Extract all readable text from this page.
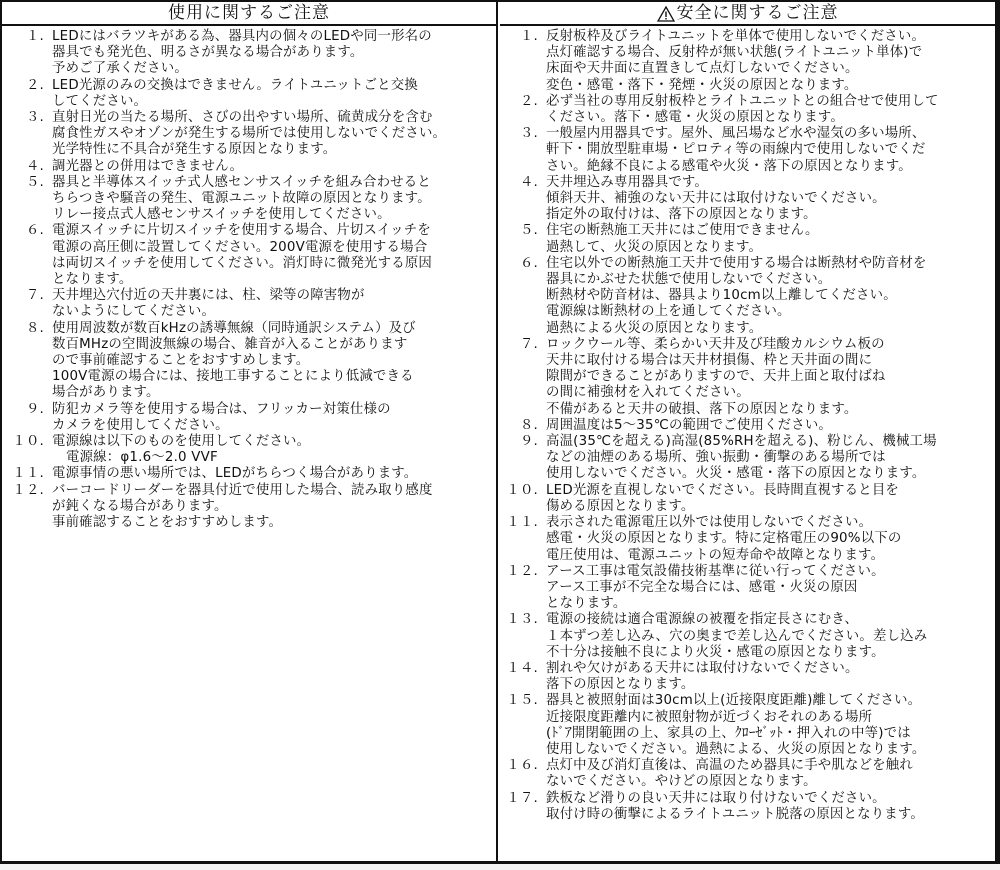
使用に関するご注意
１. LEDにはバラツキがある為、器具内の個々のLEDや同一形名の
器具でも発光色、明るさが異なる場合があります。
予めご了承ください。
２. LED光源のみの交換はできません。ライトユニットごと交換
してください。
３. 直射日光の当たる場所、さびの出やすい場所、硫黄成分を含む
腐食性ガスやオゾンが発生する場所では使用しないでください。
光学特性に不具合が発生する原因となります。
４. 調光器との併用はできません。
５. 器具と半導体スイッチ式人感センサスイッチを組み合わせると
ちらつきや騒音の発生、電源ユニット故障の原因となります。
リレー接点式人感センサスイッチを使用してください。
６. 電源スイッチに片切スイッチを使用する場合、片切スイッチを
電源の高圧側に設置してください。200V電源を使用する場合
は両切スイッチを使用してください。消灯時に微発光する原因
となります。
７. 天井埋込穴付近の天井裏には、柱、梁等の障害物が
ないようにしてください。
８. 使用周波数が数百kHzの誘導無線（同時通訳システム）及び
数百MHzの空間波無線の場合、雑音が入ることがあります
ので事前確認することをおすすめします。
100V電源の場合には、接地工事することにより低減できる
場合があります。
９. 防犯カメラ等を使用する場合は、フリッカー対策仕様の
カメラを使用してください。
１０. 電源線は以下のものを使用してください。
電源線：φ1.6～2.0 VVF
１１. 電源事情の悪い場所では、LEDがちらつく場合があります。
１２. バーコードリーダーを器具付近で使用した場合、読み取り感度
が鈍くなる場合があります。
事前確認することをおすすめします。
安全に関するご注意
１. 反射板枠及びライトユニットを単体で使用しないでください。
点灯確認する場合、反射枠が無い状態(ライトユニット単体)で
床面や天井面に直置きして点灯しないでください。
変色・感電・落下・発煙・火災の原因となります。
２. 必ず当社の専用反射板枠とライトユニットとの組合せで使用して
ください。落下・感電・火災の原因となります。
３. 一般屋内用器具です。屋外、風呂場など水や湿気の多い場所、
軒下・開放型駐車場・ピロティ等の雨線内で使用しないでくだ
さい。絶縁不良による感電や火災・落下の原因となります。
４. 天井埋込み専用器具です。
傾斜天井、補強のない天井には取付けないでください。
指定外の取付けは、落下の原因となります。
５. 住宅の断熱施工天井にはご使用できません。
過熱して、火災の原因となります。
６. 住宅以外での断熱施工天井で使用する場合は断熱材や防音材を
器具にかぶせた状態で使用しないでください。
断熱材や防音材は、器具より10cm以上離してください。
電源線は断熱材の上を通してください。
過熱による火災の原因となります。
７. ロックウール等、柔らかい天井及び珪酸カルシウム板の
天井に取付ける場合は天井材損傷、枠と天井面の間に
隙間ができることがありますので、天井上面と取付ばね
の間に補強材を入れてください。
不備があると天井の破損、落下の原因となります。
８. 周囲温度は5～35℃の範囲でご使用ください。
９. 高温(35℃を超える)高湿(85%RHを超える)、粉じん、機械工場
などの油煙のある場所、強い振動・衝撃のある場所では
使用しないでください。火災・感電・落下の原因となります。
１０. LED光源を直視しないでください。長時間直視すると目を
傷める原因となります。
１１. 表示された電源電圧以外では使用しないでください。
感電・火災の原因となります。特に定格電圧の90%以下の
電圧使用は、電源ユニットの短寿命や故障となります。
１２. アース工事は電気設備技術基準に従い行ってください。
アース工事が不完全な場合には、感電・火災の原因
となります。
１３. 電源の接続は適合電源線の被覆を指定長さにむき、
１本ずつ差し込み、穴の奥まで差し込んでください。差し込み
不十分は接触不良により火災・感電の原因となります。
１４. 割れや欠けがある天井には取付けないでください。
落下の原因となります。
１５. 器具と被照射面は30cm以上(近接限度距離)離してください。
近接限度距離内に被照射物が近づくおそれのある場所
(ﾄﾞｱ開閉範囲の上、家具の上、ｸﾛｰｾﾞｯﾄ・押入れの中等)では
使用しないでください。過熱による、火災の原因となります。
１６. 点灯中及び消灯直後は、高温のため器具に手や肌などを触れ
ないでください。やけどの原因となります。
１７. 鉄板など滑りの良い天井には取り付けないでください。
取付け時の衝撃によるライトユニット脱落の原因となります。
